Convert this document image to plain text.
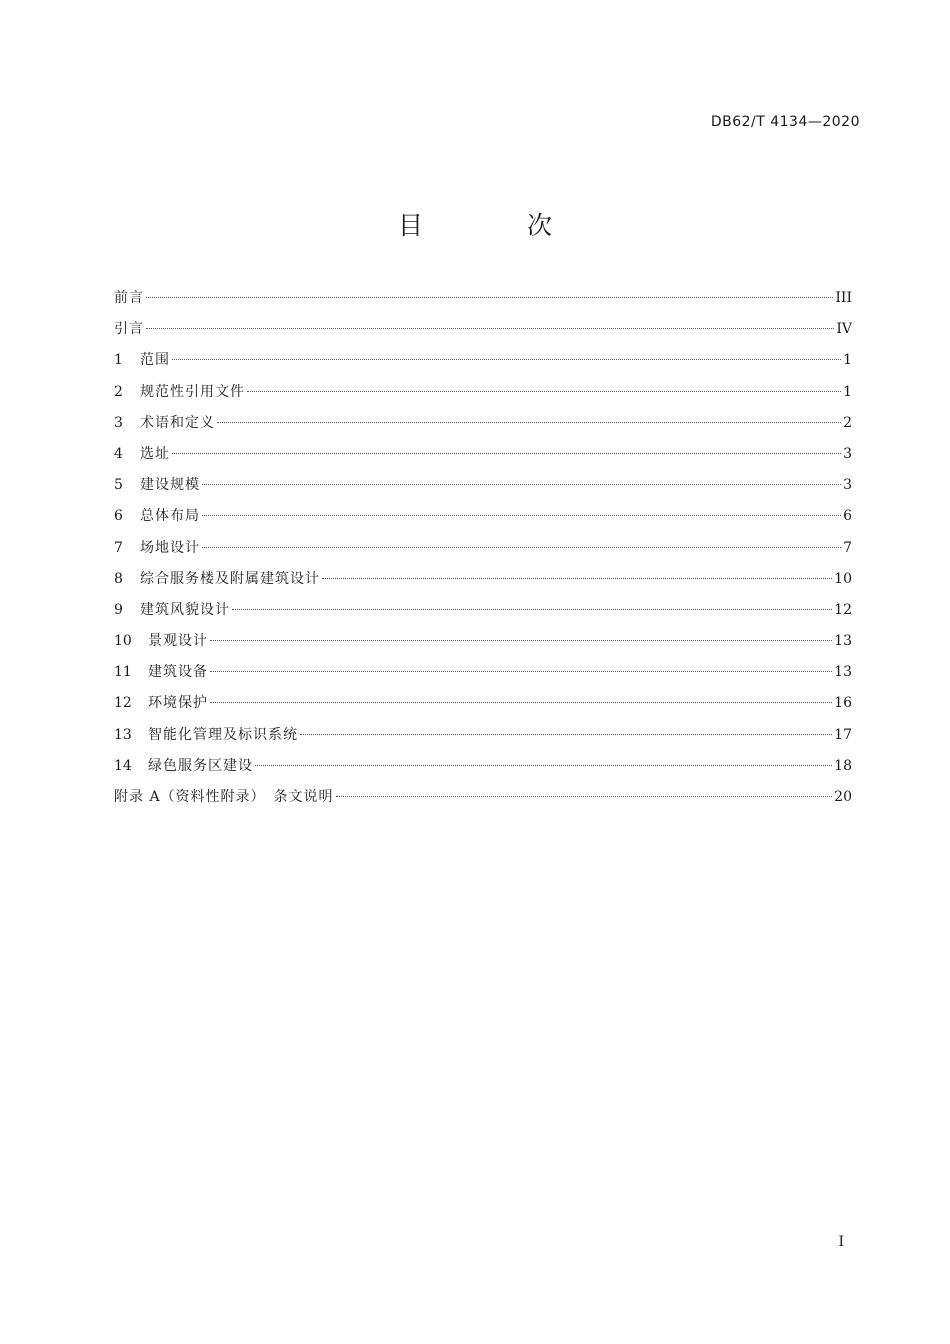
DB62/T 4134—2020
目 次
前言	III
引言	IV
1	范围	1
2	规范性引用文件	1
3	术语和定义	2
4	选址	3
5	建设规模	3
6	总体布局	6
7	场地设计	7
8	综合服务楼及附属建筑设计	10
9	建筑风貌设计	12
10	景观设计	13
11	建筑设备	13
12	环境保护	16
13	智能化管理及标识系统	17
14	绿色服务区建设	18
附录 A（资料性附录）　条文说明	20
I
